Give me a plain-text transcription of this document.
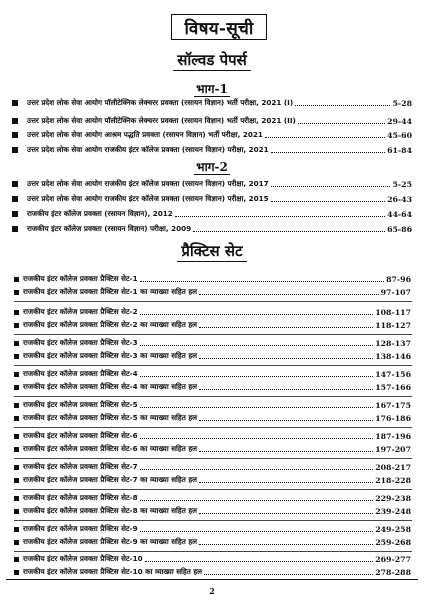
विषय-सूची
सॉल्वड पेपर्स
भाग-1
उत्तर प्रदेश लोक सेवा आयोग पॉलीटेक्निक लेक्चरर प्रवक्ता (रसायन विज्ञान) भर्ती परीक्षा, 2021 (I)	5-28
उत्तर प्रदेश लोक सेवा आयोग पॉलीटेक्निक लेक्चरर प्रवक्ता (रसायन विज्ञान) भर्ती परीक्षा, 2021 (II)	29-44
उत्तर प्रदेश लोक सेवा आयोग आश्रम पद्धति प्रवक्ता (रसायन विज्ञान) भर्ती परीक्षा, 2021	45-60
उत्तर प्रदेश लोक सेवा आयोग राजकीय इंटर कॉलेज प्रवक्ता (रसायन विज्ञान) परीक्षा, 2021	61-84
भाग-2
उत्तर प्रदेश लोक सेवा आयोग राजकीय इंटर कॉलेज प्रवक्ता (रसायन विज्ञान) परीक्षा, 2017	5-25
उत्तर प्रदेश लोक सेवा आयोग राजकीय इंटर कॉलेज प्रवक्ता (रसायन विज्ञान) परीक्षा, 2015	26-43
राजकीय इंटर कॉलेज प्रवक्ता (रसायन विज्ञान), 2012	44-64
राजकीय इंटर कॉलेज प्रवक्ता (रसायन विज्ञान) परीक्षा, 2009	65-86
प्रैक्टिस सेट
राजकीय इंटर कॉलेज प्रवक्ता प्रैक्टिस सेट-1	87-96
राजकीय इंटर कॉलेज प्रवक्ता प्रैक्टिस सेट-1 का व्याख्या सहित हल	97-107
राजकीय इंटर कॉलेज प्रवक्ता प्रैक्टिस सेट-2	108-117
राजकीय इंटर कॉलेज प्रवक्ता प्रैक्टिस सेट-2 का व्याख्या सहित हल	118-127
राजकीय इंटर कॉलेज प्रवक्ता प्रैक्टिस सेट-3	128-137
राजकीय इंटर कॉलेज प्रवक्ता प्रैक्टिस सेट-3 का व्याख्या सहित हल	138-146
राजकीय इंटर कॉलेज प्रवक्ता प्रैक्टिस सेट-4	147-156
राजकीय इंटर कॉलेज प्रवक्ता प्रैक्टिस सेट-4 का व्याख्या सहित हल	157-166
राजकीय इंटर कॉलेज प्रवक्ता प्रैक्टिस सेट-5	167-175
राजकीय इंटर कॉलेज प्रवक्ता प्रैक्टिस सेट-5 का व्याख्या सहित हल	176-186
राजकीय इंटर कॉलेज प्रवक्ता प्रैक्टिस सेट-6	187-196
राजकीय इंटर कॉलेज प्रवक्ता प्रैक्टिस सेट-6 का व्याख्या सहित हल	197-207
राजकीय इंटर कॉलेज प्रवक्ता प्रैक्टिस सेट-7	208-217
राजकीय इंटर कॉलेज प्रवक्ता प्रैक्टिस सेट-7 का व्याख्या सहित हल	218-228
राजकीय इंटर कॉलेज प्रवक्ता प्रैक्टिस सेट-8	229-238
राजकीय इंटर कॉलेज प्रवक्ता प्रैक्टिस सेट-8 का व्याख्या सहित हल	239-248
राजकीय इंटर कॉलेज प्रवक्ता प्रैक्टिस सेट-9	249-258
राजकीय इंटर कॉलेज प्रवक्ता प्रैक्टिस सेट-9 का व्याख्या सहित हल	259-268
राजकीय इंटर कॉलेज प्रवक्ता प्रैक्टिस सेट-10	269-277
राजकीय इंटर कॉलेज प्रवक्ता प्रैक्टिस सेट-10 का व्याख्या सहित हल	278-288
2
